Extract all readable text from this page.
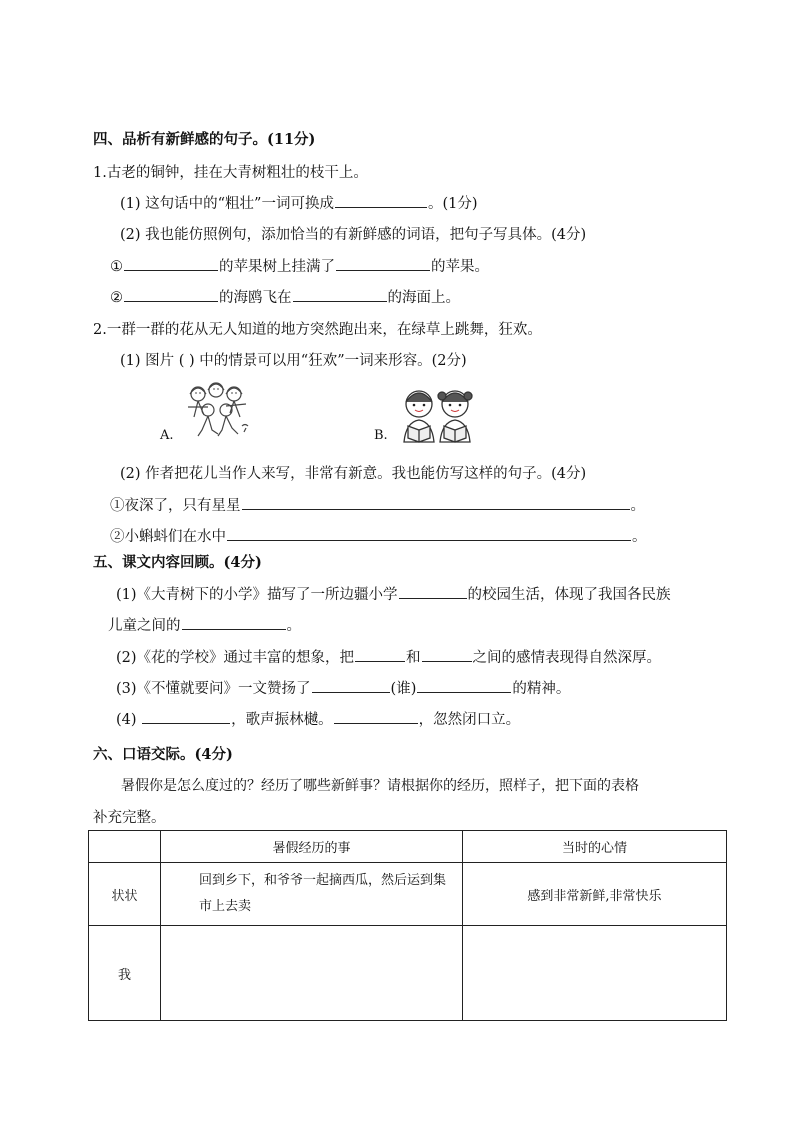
四、品析有新鲜感的句子。(11分)
1.古老的铜钟，挂在大青树粗壮的枝干上。
(1) 这句话中的“粗壮”一词可换成	。(1分)
(2) 我也能仿照例句，添加恰当的有新鲜感的词语，把句子写具体。(4分)
①	的苹果树上挂满了	的苹果。
②	的海鸥飞在	的海面上。
2.一群一群的花从无人知道的地方突然跑出来，在绿草上跳舞，狂欢。
(1) 图片 ( ) 中的情景可以用“狂欢”一词来形容。(2分)
A.	B.
(2) 作者把花儿当作人来写，非常有新意。我也能仿写这样的句子。(4分)
①夜深了，只有星星	。
②小蝌蚪们在水中	。
五、课文内容回顾。(4分)
(1)《大青树下的小学》描写了一所边疆小学	的校园生活，体现了我国各民族
儿童之间的	。
(2)《花的学校》通过丰富的想象，把	和	之间的感情表现得自然深厚。
(3)《不懂就要问》一文赞扬了	(谁)	的精神。
(4)	，歌声振林樾。	，忽然闭口立。
六、口语交际。(4分)
暑假你是怎么度过的？经历了哪些新鲜事？请根据你的经历，照样子，把下面的表格
补充完整。
	暑假经历的事	当时的心情
状状	回到乡下，和爷爷一起摘西瓜，然后运到集市上去卖	感到非常新鲜,非常快乐
我		
